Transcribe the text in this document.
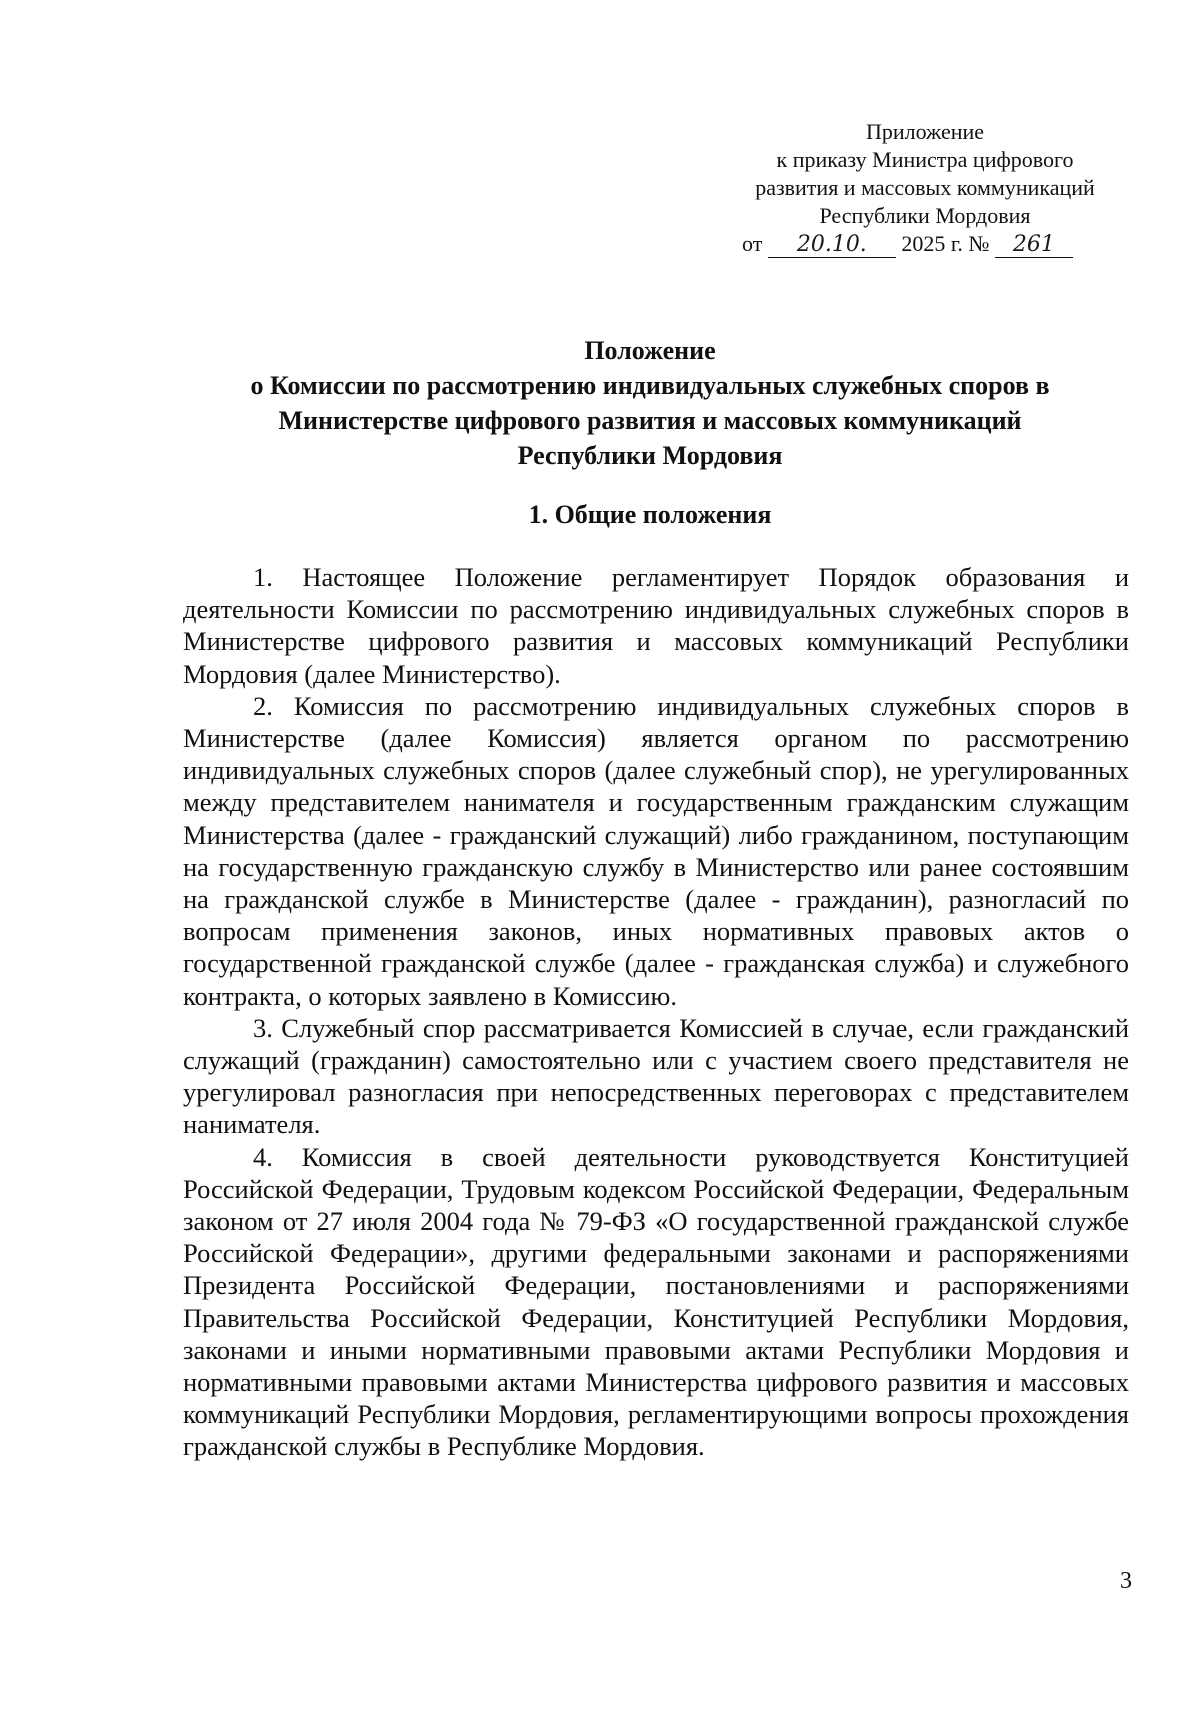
Приложение
к приказу Министра цифрового
развития и массовых коммуникаций
Республики Мордовия
от 20.10. 2025 г. № 261
Положение
о Комиссии по рассмотрению индивидуальных служебных споров в
Министерстве цифрового развития и массовых коммуникаций
Республики Мордовия
1. Общие положения

1. Настоящее Положение регламентирует Порядок образования и деятельности Комиссии по рассмотрению индивидуальных служебных споров в Министерстве цифрового развития и массовых коммуникаций Республики Мордовия (далее Министерство).

2. Комиссия по рассмотрению индивидуальных служебных споров в Министерстве (далее Комиссия) является органом по рассмотрению индивидуальных служебных споров (далее служебный спор), не урегулированных между представителем нанимателя и государственным гражданским служащим Министерства (далее - гражданский служащий) либо гражданином, поступающим на государственную гражданскую службу в Министерство или ранее состоявшим на гражданской службе в Министерстве (далее - гражданин), разногласий по вопросам применения законов, иных нормативных правовых актов о государственной гражданской службе (далее - гражданская служба) и служебного контракта, о которых заявлено в Комиссию.

3. Служебный спор рассматривается Комиссией в случае, если гражданский служащий (гражданин) самостоятельно или с участием своего представителя не урегулировал разногласия при непосредственных переговорах с представителем нанимателя.

4. Комиссия в своей деятельности руководствуется Конституцией Российской Федерации, Трудовым кодексом Российской Федерации, Федеральным законом от 27 июля 2004 года № 79-ФЗ «О государственной гражданской службе Российской Федерации», другими федеральными законами и распоряжениями Президента Российской Федерации, постановлениями и распоряжениями Правительства Российской Федерации, Конституцией Республики Мордовия, законами и иными нормативными правовыми актами Республики Мордовия и нормативными правовыми актами Министерства цифрового развития и массовых коммуникаций Республики Мордовия, регламентирующими вопросы прохождения гражданской службы в Республике Мордовия.

3
